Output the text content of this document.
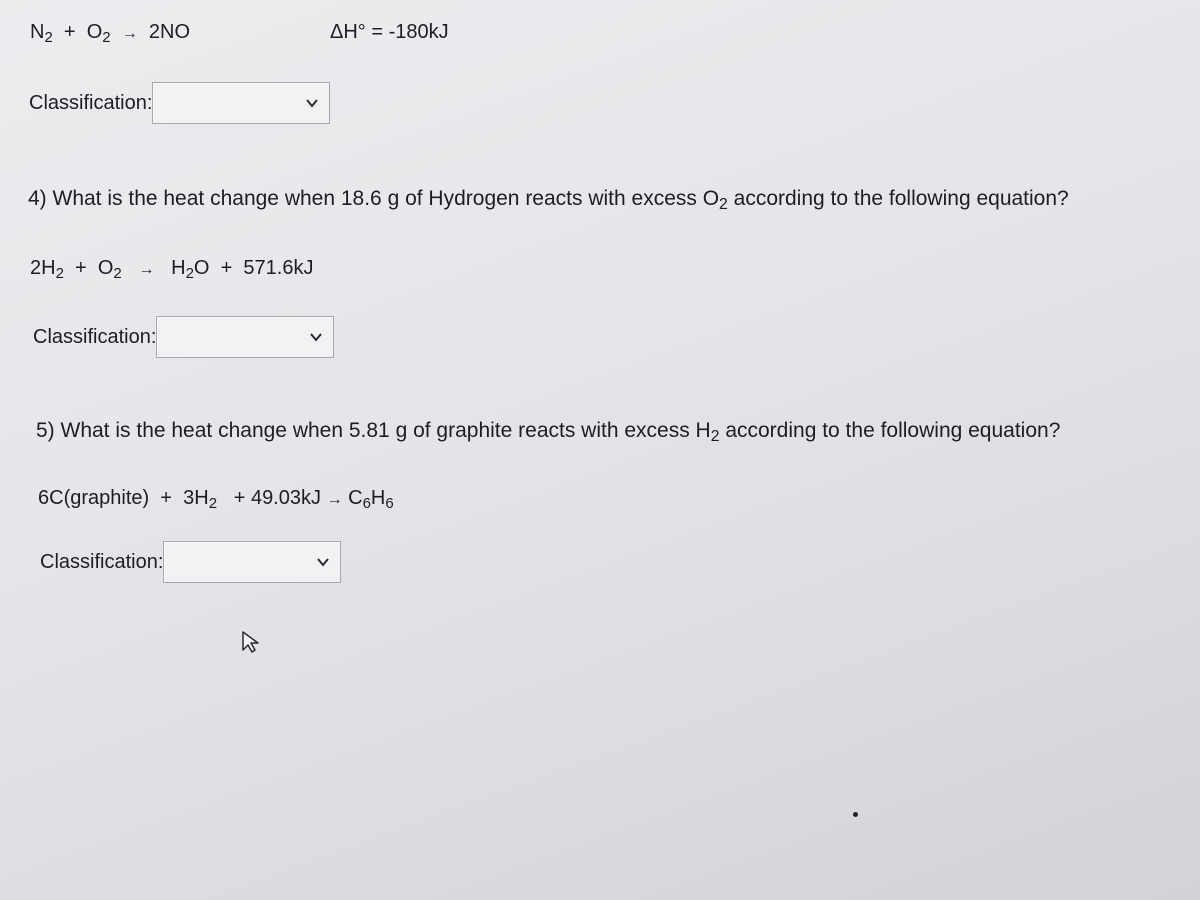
$N_2 + O_2 \to 2NO$	ΔH° = -180kJ
Classification:
4) What is the heat change when 18.6 g of Hydrogen reacts with excess $O_2$ according to the following equation?
$2H_2 + O_2 \to H_2O + 571.6kJ$
Classification:
5) What is the heat change when 5.81 g of graphite reacts with excess $H_2$ according to the following equation?
6C(graphite) + $3H_2 + 49.03kJ \to C_6H_6$
Classification:
